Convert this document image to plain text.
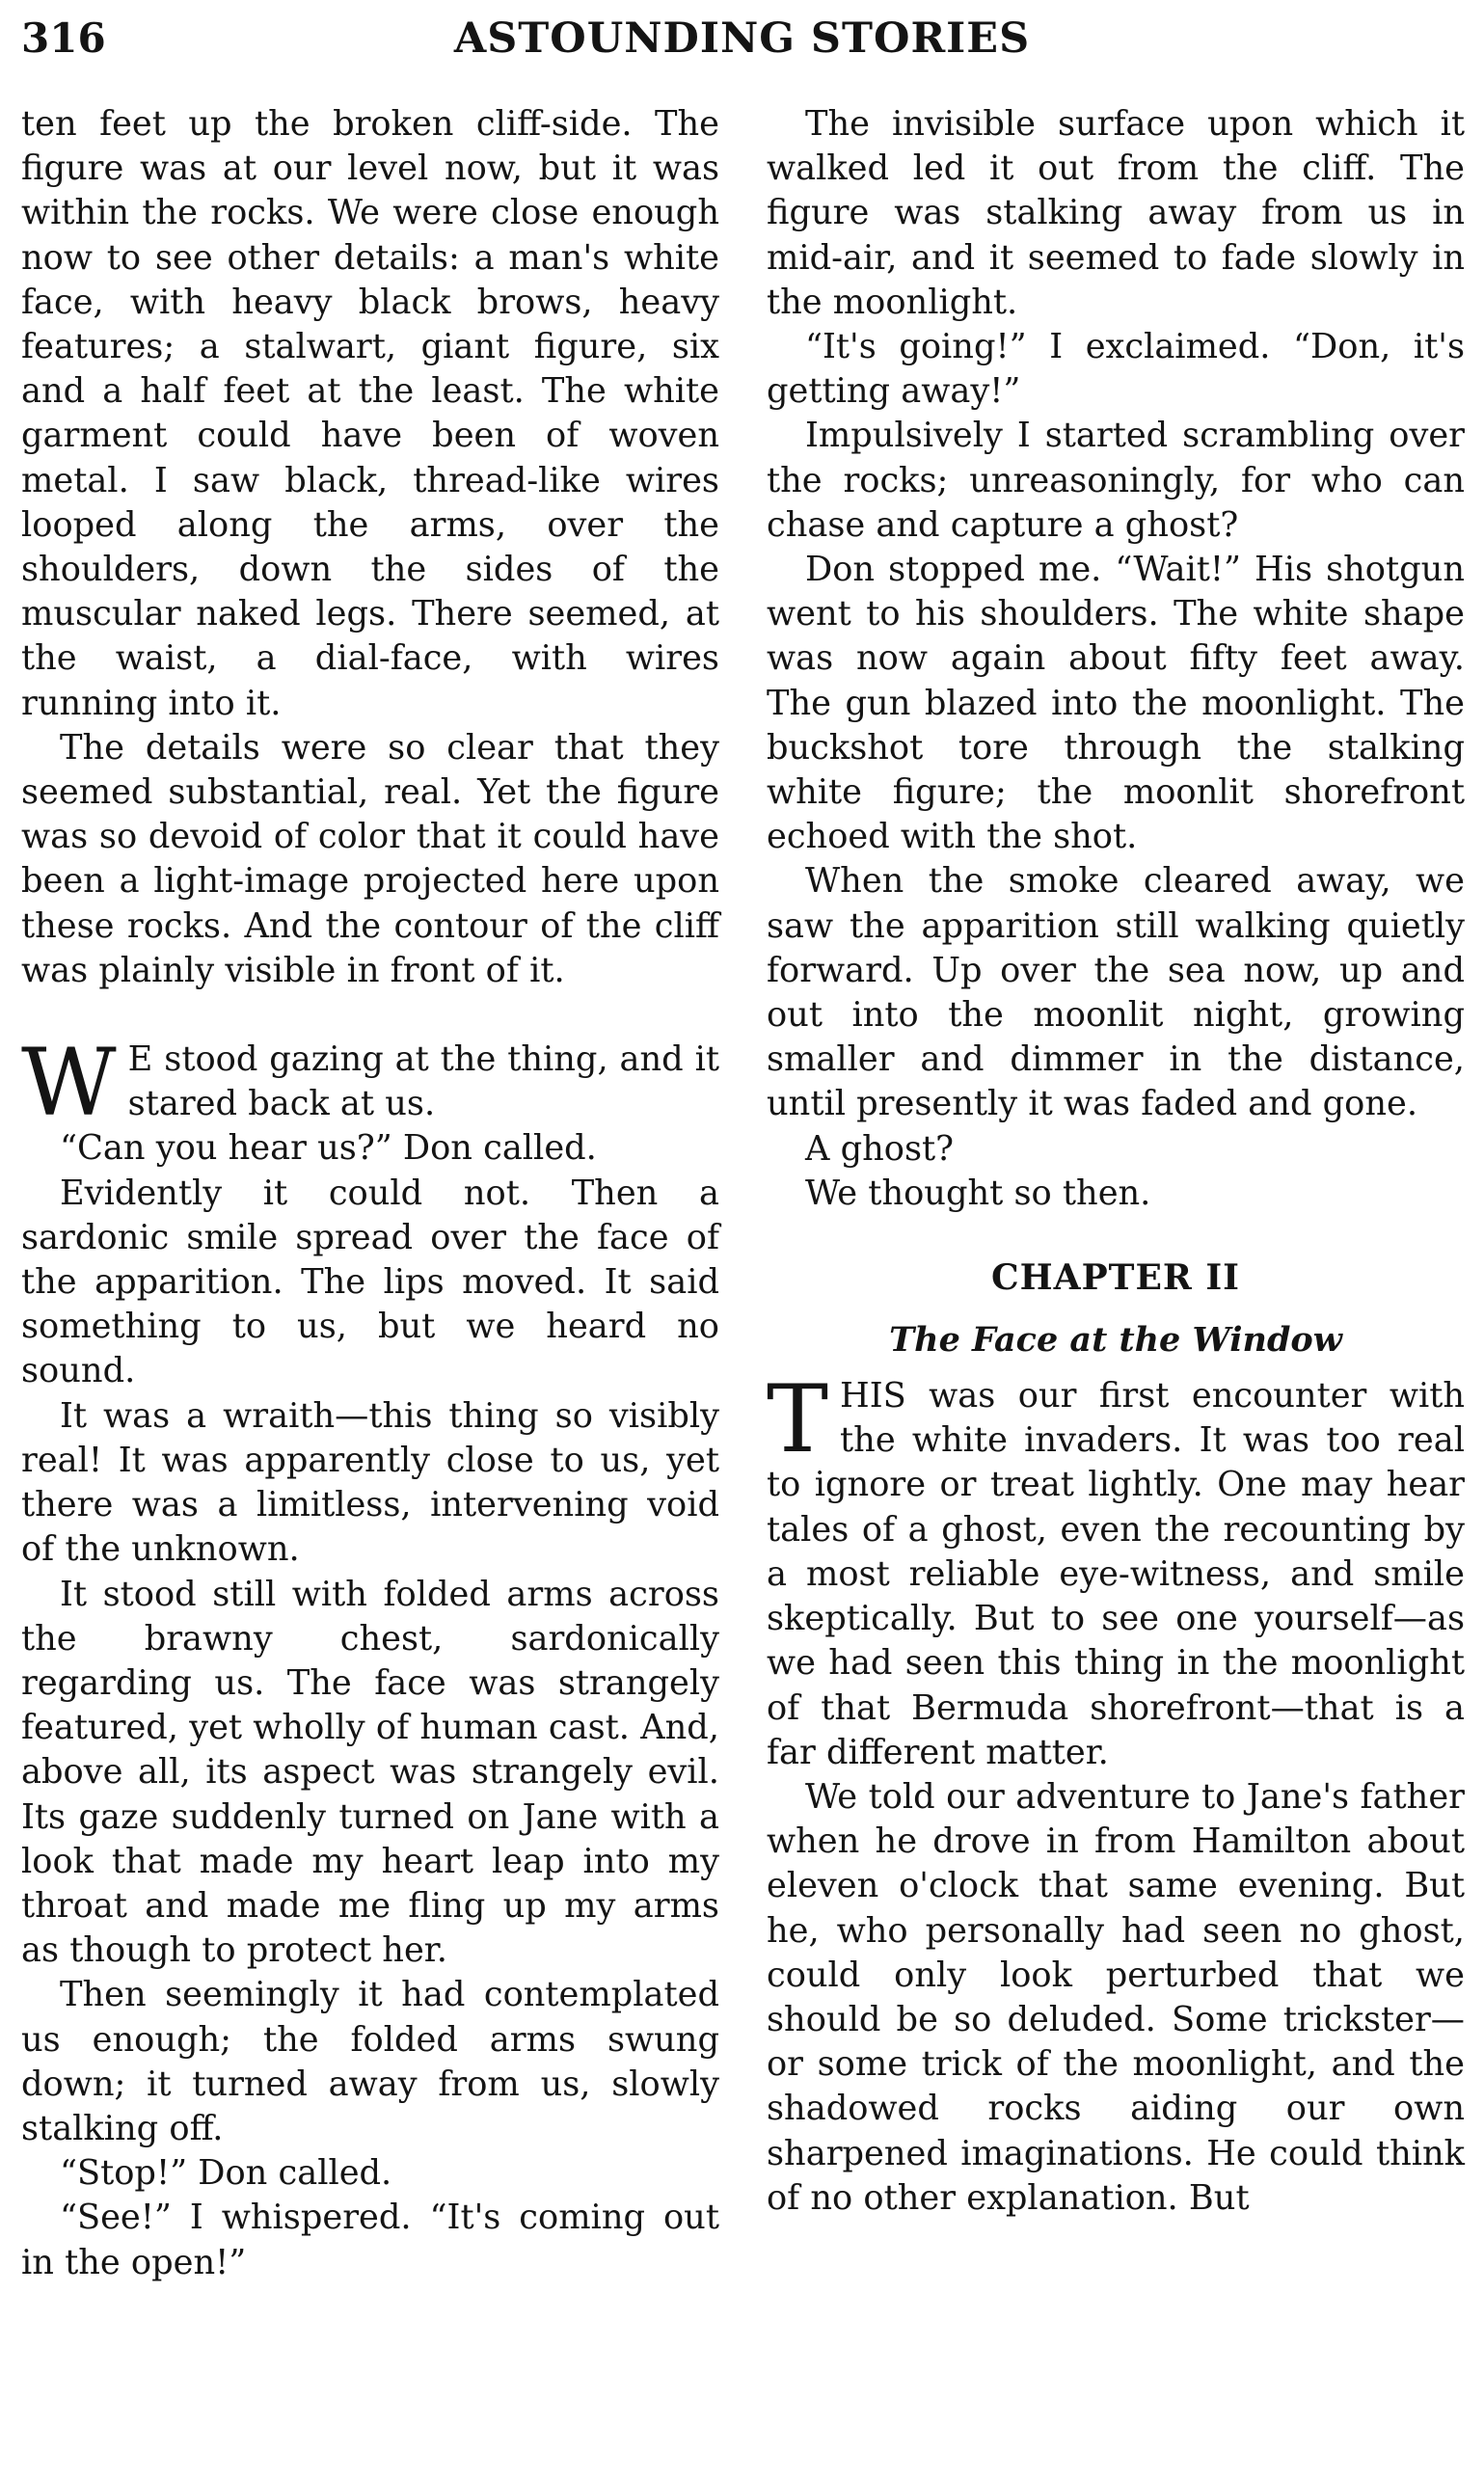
316	ASTOUNDING STORIES

ten feet up the broken cliff-side. The figure was at our level now, but it was within the rocks. We were close enough now to see other details: a man's white face, with heavy black brows, heavy features; a stalwart, giant figure, six and a half feet at the least. The white garment could have been of woven metal. I saw black, thread-like wires looped along the arms, over the shoulders, down the sides of the muscular naked legs. There seemed, at the waist, a dial-face, with wires running into it.

The details were so clear that they seemed substantial, real. Yet the figure was so devoid of color that it could have been a light-image projected here upon these rocks. And the contour of the cliff was plainly visible in front of it.

W E stood gazing at the thing, and it stared back at us.

“Can you hear us?” Don called.

Evidently it could not. Then a sardonic smile spread over the face of the apparition. The lips moved. It said something to us, but we heard no sound.

It was a wraith—this thing so visibly real! It was apparently close to us, yet there was a limitless, intervening void of the unknown.

It stood still with folded arms across the brawny chest, sardonically regarding us. The face was strangely featured, yet wholly of human cast. And, above all, its aspect was strangely evil. Its gaze suddenly turned on Jane with a look that made my heart leap into my throat and made me fling up my arms as though to protect her.

Then seemingly it had contemplated us enough; the folded arms swung down; it turned away from us, slowly stalking off.

“Stop!” Don called.

“See!” I whispered. “It's coming out in the open!”

The invisible surface upon which it walked led it out from the cliff. The figure was stalking away from us in mid-air, and it seemed to fade slowly in the moonlight.

“It's going!” I exclaimed. “Don, it's getting away!”

Impulsively I started scrambling over the rocks; unreasoningly, for who can chase and capture a ghost?

Don stopped me. “Wait!” His shotgun went to his shoulders. The white shape was now again about fifty feet away. The gun blazed into the moonlight. The buckshot tore through the stalking white figure; the moonlit shorefront echoed with the shot.

When the smoke cleared away, we saw the apparition still walking quietly forward. Up over the sea now, up and out into the moonlit night, growing smaller and dimmer in the distance, until presently it was faded and gone.

A ghost?

We thought so then.

CHAPTER II
The Face at the Window

THIS was our first encounter with the white invaders. It was too real to ignore or treat lightly. One may hear tales of a ghost, even the recounting by a most reliable eye-witness, and smile skeptically. But to see one yourself—as we had seen this thing in the moonlight of that Bermuda shorefront—that is a far different matter.

We told our adventure to Jane's father when he drove in from Hamilton about eleven o'clock that same evening. But he, who personally had seen no ghost, could only look perturbed that we should be so deluded. Some trickster—or some trick of the moonlight, and the shadowed rocks aiding our own sharpened imaginations. He could think of no other explanation. But
